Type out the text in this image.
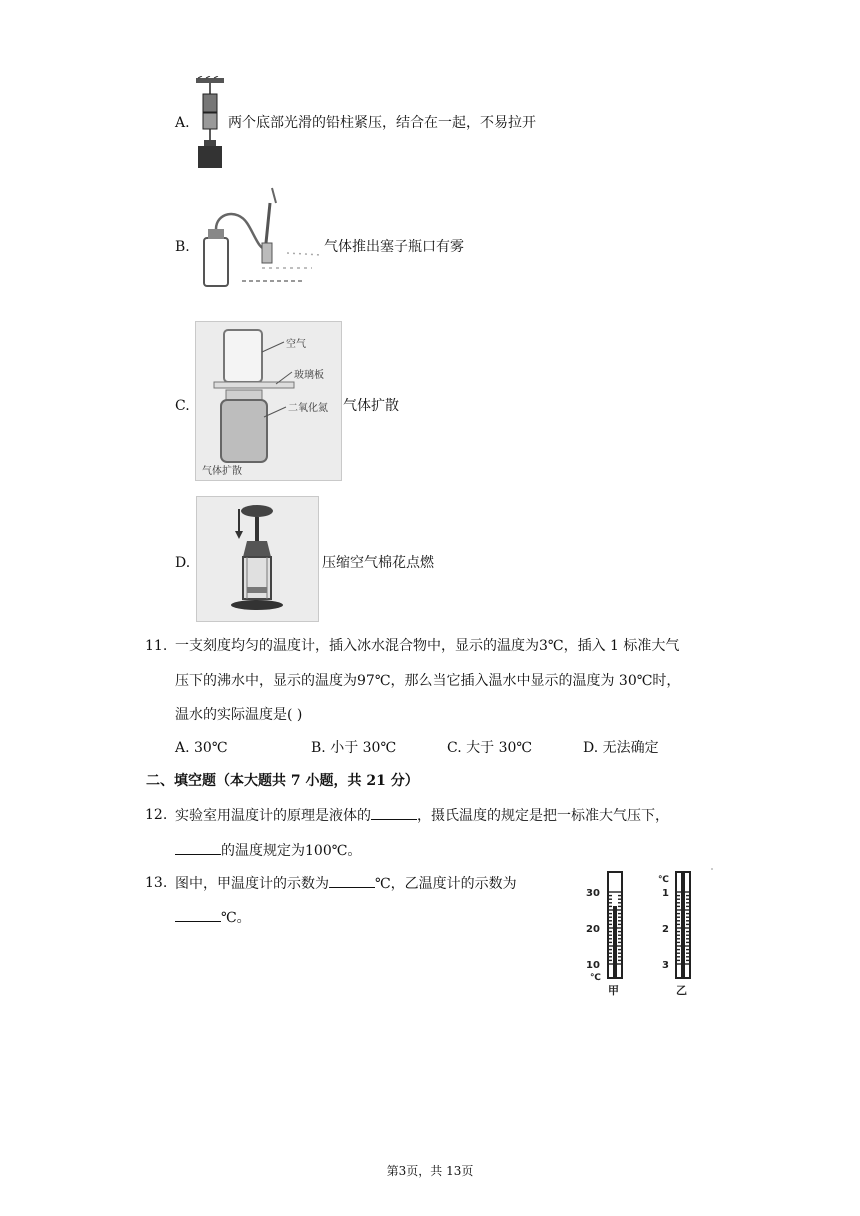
A.	两个底部光滑的铅柱紧压，结合在一起，不易拉开
B.	气体推出塞子瓶口有雾
C.
空气
玻璃板
二氧化氮
气体扩散
气体扩散
D.	压缩空气棉花点燃
11. 一支刻度均匀的温度计，插入冰水混合物中，显示的温度为3℃，插入 1 标准大气
压下的沸水中，显示的温度为97℃，那么当它插入温水中显示的温度为 30℃时，
温水的实际温度是( )
A. 30℃	B. 小于 30℃	C. 大于 30℃	D. 无法确定
二、填空题（本大题共 7 小题，共 21 分）
12. 实验室用温度计的原理是液体的	，摄氏温度的规定是把一标准大气压下，
的温度规定为100℃。
13. 图中，甲温度计的示数为	℃，乙温度计的示数为
℃。
30
20
10
℃
甲
℃
1
2
3
乙
第3页，共 13页
